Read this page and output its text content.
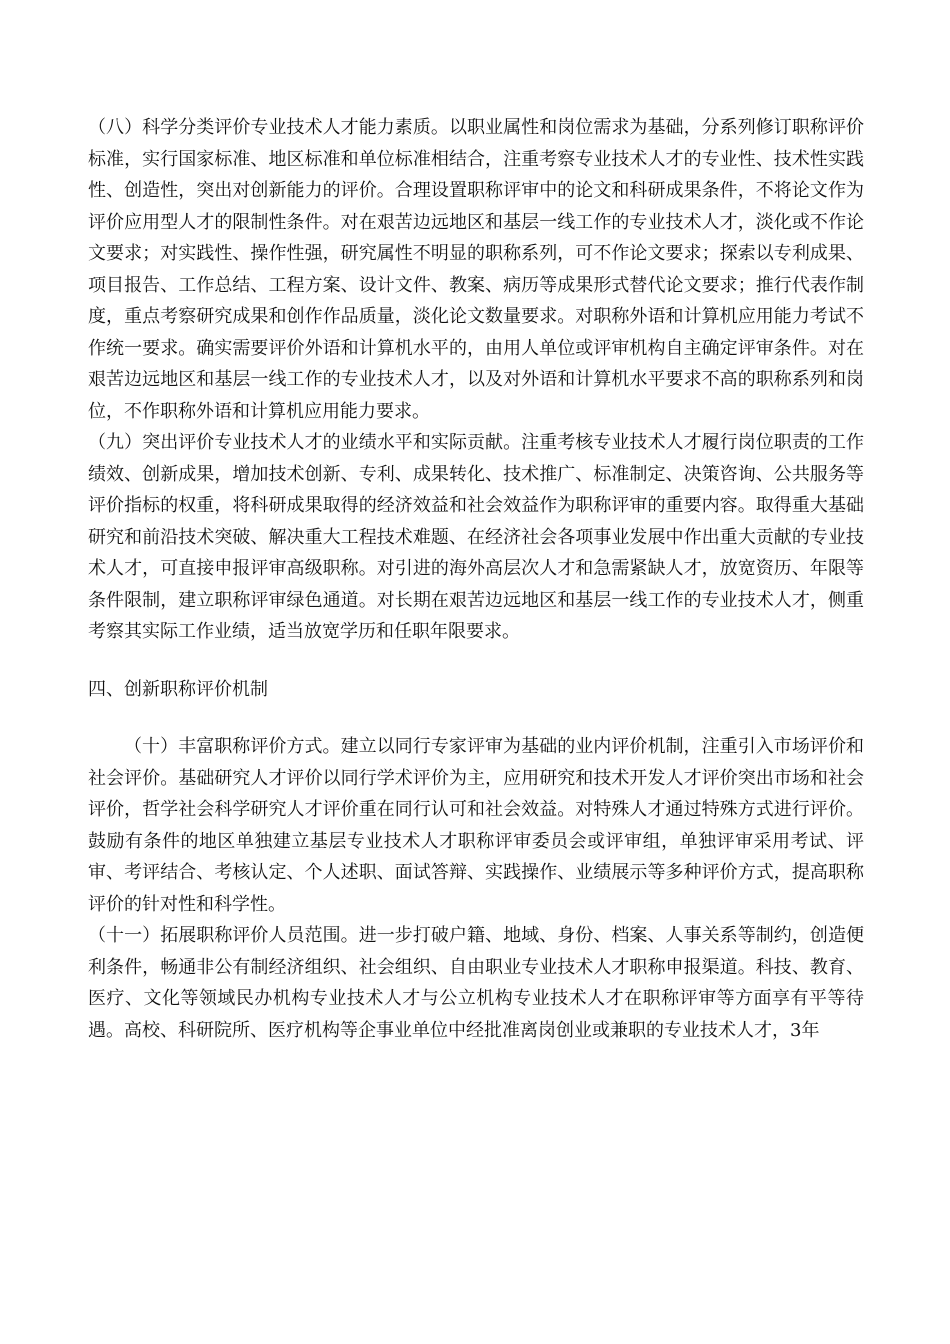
（八）科学分类评价专业技术人才能力素质。以职业属性和岗位需求为基础，分系列修订职称评价标准，实行国家标准、地区标准和单位标准相结合，注重考察专业技术人才的专业性、技术性实践性、创造性，突出对创新能力的评价。合理设置职称评审中的论文和科研成果条件，不将论文作为评价应用型人才的限制性条件。对在艰苦边远地区和基层一线工作的专业技术人才，淡化或不作论文要求；对实践性、操作性强，研究属性不明显的职称系列，可不作论文要求；探索以专利成果、项目报告、工作总结、工程方案、设计文件、教案、病历等成果形式替代论文要求；推行代表作制度，重点考察研究成果和创作作品质量，淡化论文数量要求。对职称外语和计算机应用能力考试不作统一要求。确实需要评价外语和计算机水平的，由用人单位或评审机构自主确定评审条件。对在艰苦边远地区和基层一线工作的专业技术人才，以及对外语和计算机水平要求不高的职称系列和岗位，不作职称外语和计算机应用能力要求。

（九）突出评价专业技术人才的业绩水平和实际贡献。注重考核专业技术人才履行岗位职责的工作绩效、创新成果，增加技术创新、专利、成果转化、技术推广、标准制定、决策咨询、公共服务等评价指标的权重，将科研成果取得的经济效益和社会效益作为职称评审的重要内容。取得重大基础研究和前沿技术突破、解决重大工程技术难题、在经济社会各项事业发展中作出重大贡献的专业技术人才，可直接申报评审高级职称。对引进的海外高层次人才和急需紧缺人才，放宽资历、年限等条件限制，建立职称评审绿色通道。对长期在艰苦边远地区和基层一线工作的专业技术人才，侧重考察其实际工作业绩，适当放宽学历和任职年限要求。

四、创新职称评价机制

（十）丰富职称评价方式。建立以同行专家评审为基础的业内评价机制，注重引入市场评价和社会评价。基础研究人才评价以同行学术评价为主，应用研究和技术开发人才评价突出市场和社会评价，哲学社会科学研究人才评价重在同行认可和社会效益。对特殊人才通过特殊方式进行评价。鼓励有条件的地区单独建立基层专业技术人才职称评审委员会或评审组，单独评审采用考试、评审、考评结合、考核认定、个人述职、面试答辩、实践操作、业绩展示等多种评价方式，提高职称评价的针对性和科学性。

（十一）拓展职称评价人员范围。进一步打破户籍、地域、身份、档案、人事关系等制约，创造便利条件，畅通非公有制经济组织、社会组织、自由职业专业技术人才职称申报渠道。科技、教育、医疗、文化等领域民办机构专业技术人才与公立机构专业技术人才在职称评审等方面享有平等待遇。高校、科研院所、医疗机构等企事业单位中经批准离岗创业或兼职的专业技术人才，3年
